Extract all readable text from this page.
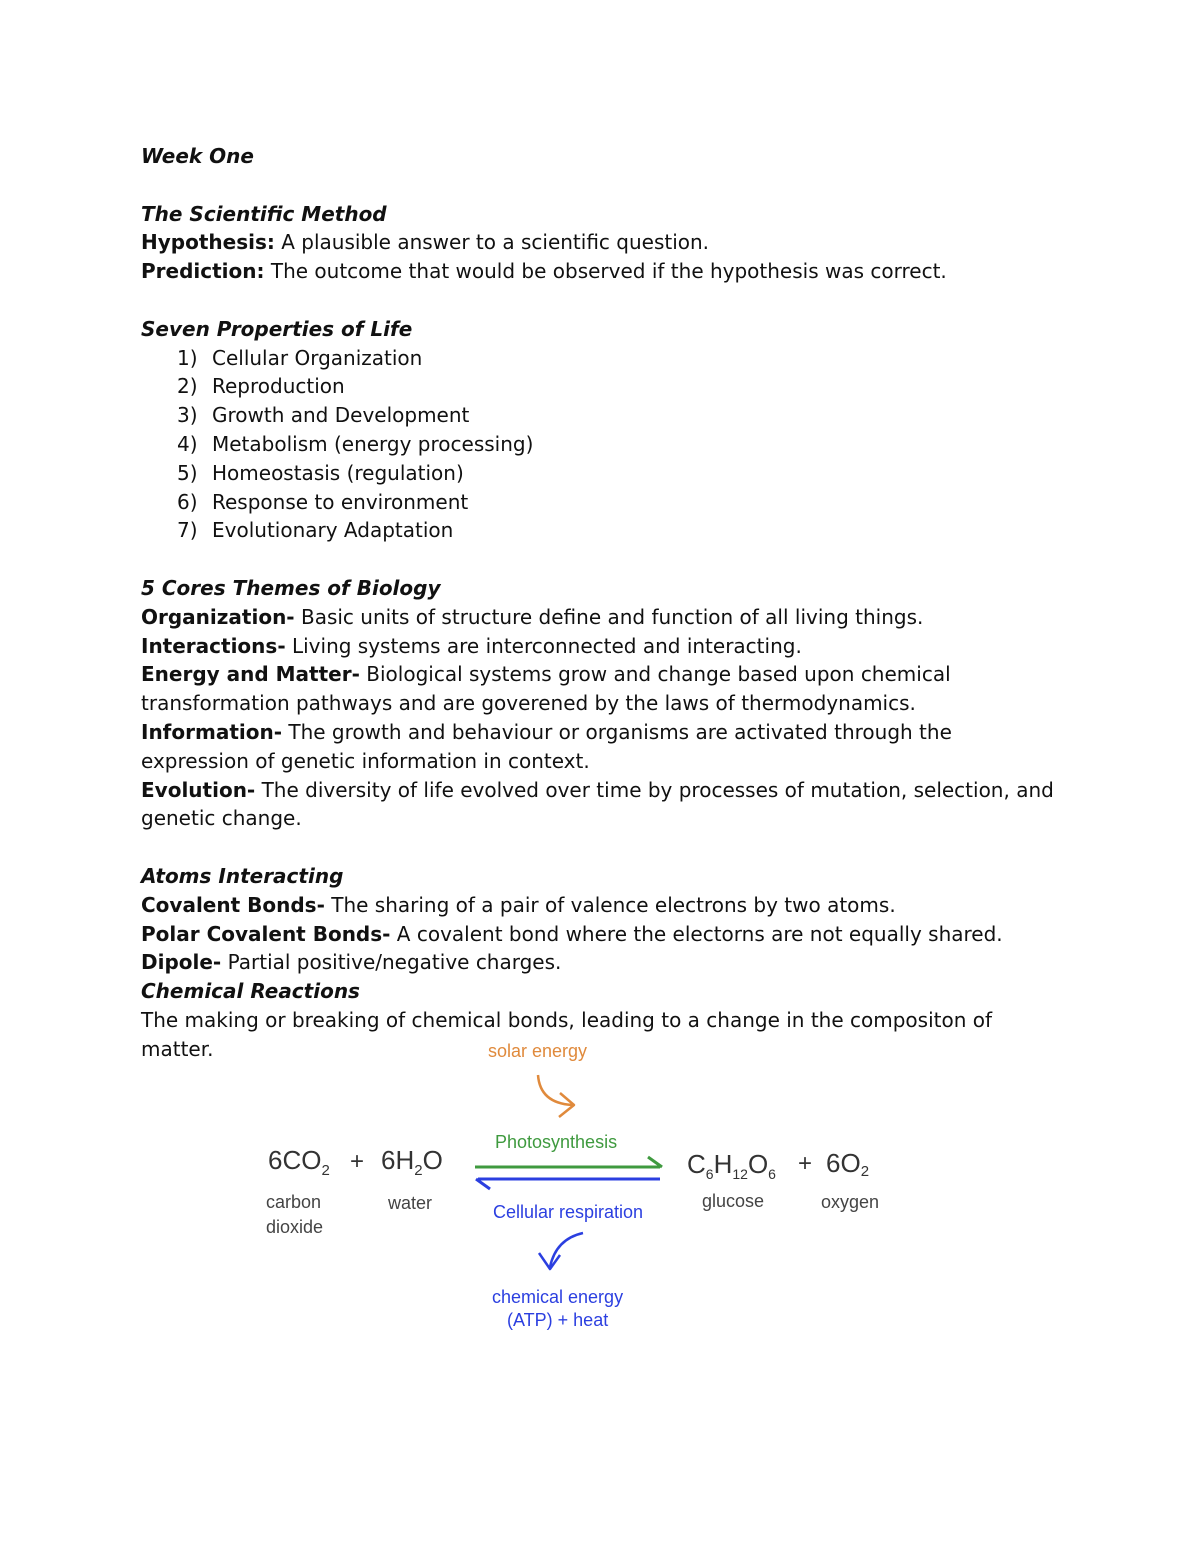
Week One

The Scientific Method

Hypothesis: A plausible answer to a scientific question.

Prediction: The outcome that would be observed if the hypothesis was correct.

Seven Properties of Life

1) Cellular Organization
2) Reproduction
3) Growth and Development
4) Metabolism (energy processing)
5) Homeostasis (regulation)
6) Response to environment
7) Evolutionary Adaptation

5 Cores Themes of Biology

Organization- Basic units of structure define and function of all living things.

Interactions- Living systems are interconnected and interacting.

Energy and Matter- Biological systems grow and change based upon chemical transformation pathways and are goverened by the laws of thermodynamics.

Information- The growth and behaviour or organisms are activated through the expression of genetic information in context.

Evolution- The diversity of life evolved over time by processes of mutation, selection, and genetic change.

Atoms Interacting

Covalent Bonds- The sharing of a pair of valence electrons by two atoms.

Polar Covalent Bonds- A covalent bond where the electorns are not equally shared.

Dipole- Partial positive/negative charges.

Chemical Reactions

The making or breaking of chemical bonds, leading to a change in the compositon of matter.	solar energy
Photosynthesis
Cellular respiration
chemical energy
(ATP) + heat
$6CO_2 + 6H_2O$
carbon
dioxide
water
$C_6H_{12}O_6 + 6O2$
glucose	oxygen
